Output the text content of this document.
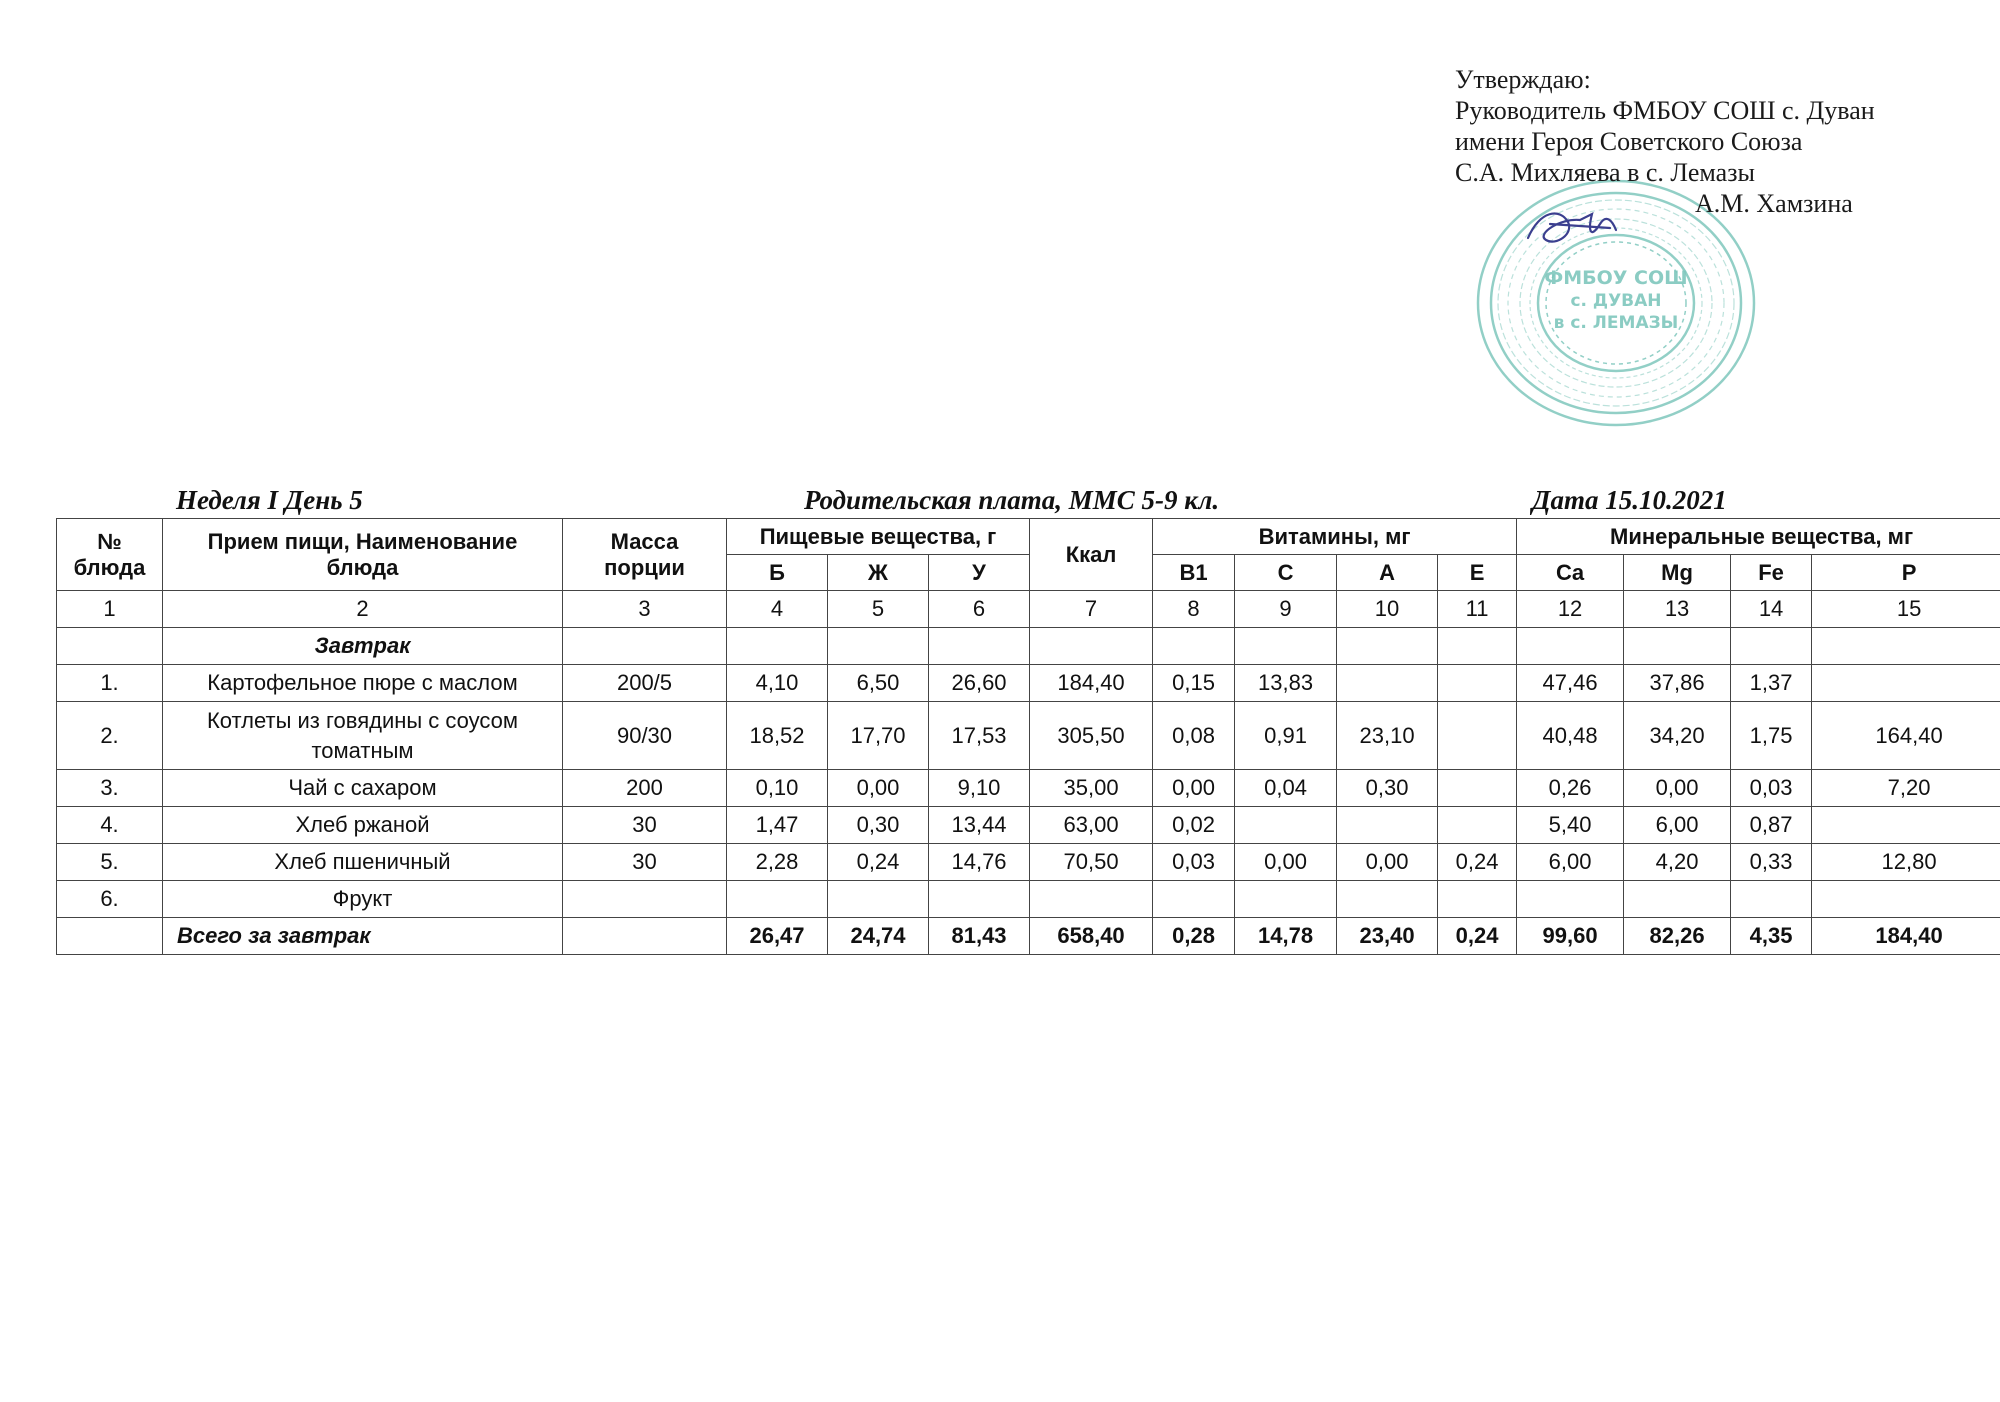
Утверждаю:
Руководитель ФМБОУ СОШ с. Дуван
имени Героя Советского Союза
С.А. Михляева в с. Лемазы
А.М. Хамзина
ФМБОУ СОШ
с. ДУВАН
в с. ЛЕМАЗЫ
Неделя I День 5	Родительская плата, ММС 5-9 кл.	Дата 15.10.2021
№ блюда	Прием пищи, Наименование блюда	Масса порции	Пищевые вещества, г			Ккал	Витамины, мг				Минеральные вещества, мг			
			Б	Ж	У		В1	С	А	Е	Ca	Mg	Fe	P
1	2	3	4	5	6	7	8	9	10	11	12	13	14	15
	Завтрак													
1.	Картофельное пюре с маслом	200/5	4,10	6,50	26,60	184,40	0,15	13,83			47,46	37,86	1,37	
2.	Котлеты из говядины с соусом томатным	90/30	18,52	17,70	17,53	305,50	0,08	0,91	23,10		40,48	34,20	1,75	164,40
3.	Чай с сахаром	200	0,10	0,00	9,10	35,00	0,00	0,04	0,30		0,26	0,00	0,03	7,20
4.	Хлеб ржаной	30	1,47	0,30	13,44	63,00	0,02				5,40	6,00	0,87	
5.	Хлеб пшеничный	30	2,28	0,24	14,76	70,50	0,03	0,00	0,00	0,24	6,00	4,20	0,33	12,80
6.	Фрукт													
	Всего за завтрак		26,47	24,74	81,43	658,40	0,28	14,78	23,40	0,24	99,60	82,26	4,35	184,40
